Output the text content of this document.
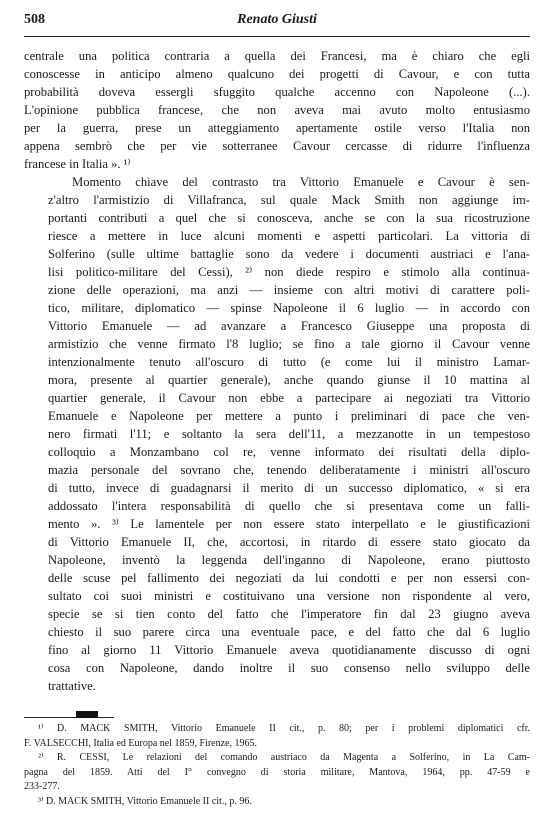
508	Renato Giusti

centrale una politica contraria a quella dei Francesi, ma è chiaro che egli
conoscesse in anticipo almeno qualcuno dei progetti di Cavour, e con tutta
probabilità doveva essergli sfuggito qualche accenno con Napoleone (...).
L'opinione pubblica francese, che non aveva mai avuto molto entusiasmo
per la guerra, prese un atteggiamento apertamente ostile verso l'Italia non
appena sembrò che per vie sotterranee Cavour cercasse di ridurre l'influenza
francese in Italia ». ¹⁾

Momento chiave del contrasto tra Vittorio Emanuele e Cavour è sen-
z'altro l'armistizio di Villafranca, sul quale Mack Smith non aggiunge im-
portanti contributi a quel che si conosceva, anche se con la sua ricostruzione
riesce a mettere in luce alcuni momenti e aspetti particolari. La vittoria di
Solferino (sulle ultime battaglie sono da vedere i documenti austriaci e l'ana-
lisi politico-militare del Cessi), ²⁾ non diede respiro e stimolo alla continua-
zione delle operazioni, ma anzi — insieme con altri motivi di carattere poli-
tico, militare, diplomatico — spinse Napoleone il 6 luglio — in accordo con
Vittorio Emanuele — ad avanzare a Francesco Giuseppe una proposta di
armistizio che venne firmato l'8 luglio; se fino a tale giorno il Cavour venne
intenzionalmente tenuto all'oscuro di tutto (e come lui il ministro Lamar-
mora, presente al quartier generale), anche quando giunse il 10 mattina al
quartier generale, il Cavour non ebbe a partecipare ai negoziati tra Vittorio
Emanuele e Napoleone per mettere a punto i preliminari di pace che ven-
nero firmati l'11; e soltanto la sera dell'11, a mezzanotte in un tempestoso
colloquio a Monzambano col re, venne informato dei risultati della diplo-
mazia personale del sovrano che, tenendo deliberatamente i ministri all'oscuro
di tutto, invece di guadagnarsi il merito di un successo diplomatico, « si era
addossato l'intera responsabilità di quello che si presentava come un falli-
mento ». ³⁾ Le lamentele per non essere stato interpellato e le giustificazioni
di Vittorio Emanuele II, che, accortosi, in ritardo di essere stato giocato da
Napoleone, inventò la leggenda dell'inganno di Napoleone, erano piuttosto
delle scuse pel fallimento dei negoziati da lui condotti e per non essersi con-
sultato coi suoi ministri e costituivano una versione non rispondente al vero,
specie se si tien conto del fatto che l'imperatore fin dal 23 giugno aveva
chiesto il suo parere circa una eventuale pace, e del fatto che dal 6 luglio
fino al giorno 11 Vittorio Emanuele aveva quotidianamente discusso di ogni
cosa con Napoleone, dando inoltre il suo consenso nello sviluppo delle
trattative.

¹⁾ D. MACK SMITH, Vittorio Emanuele II cit., p. 80; per i problemi diplomatici cfr.
F. VALSECCHI, Italia ed Europa nel 1859, Firenze, 1965.

²⁾ R. CESSI, Le relazioni del comando austriaco da Magenta a Solferino, in La Cam-
pagna del 1859. Atti del I° convegno di storia militare, Mantova, 1964, pp. 47-59 e
233-277.

³⁾ D. MACK SMITH, Vittorio Emanuele II cit., p. 96.
